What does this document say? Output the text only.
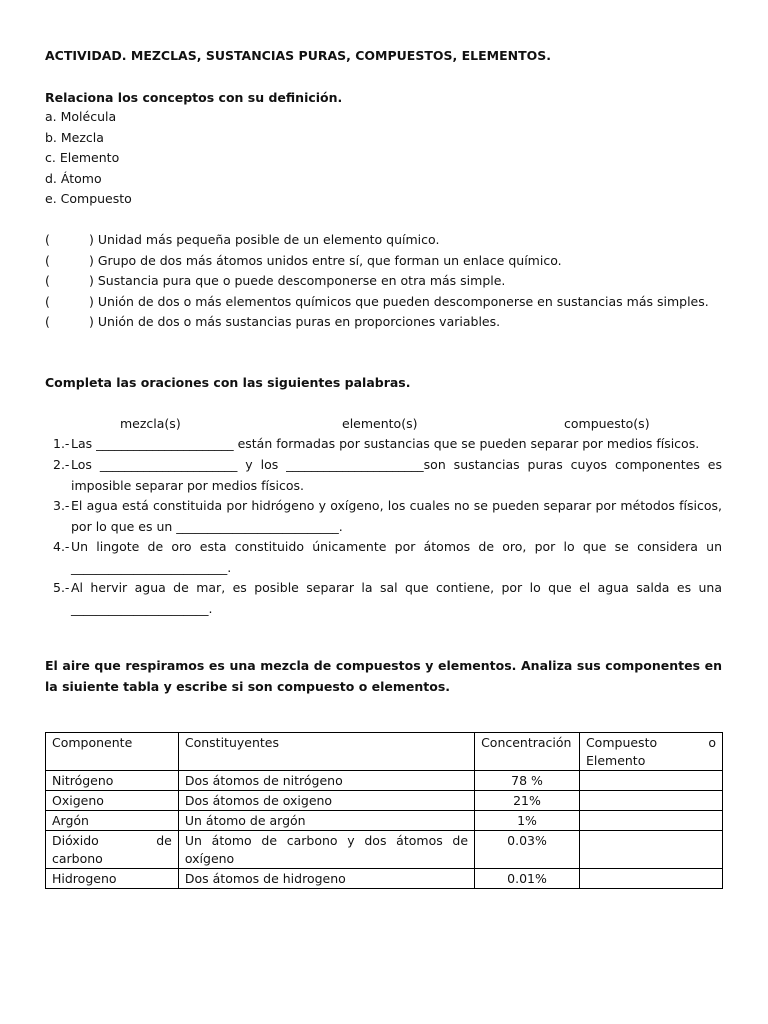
ACTIVIDAD. MEZCLAS, SUSTANCIAS PURAS, COMPUESTOS, ELEMENTOS.
Relaciona los conceptos con su definición.
a. Molécula
b. Mezcla
c. Elemento
d. Átomo
e. Compuesto
(	) Unidad más pequeña posible de un elemento químico.
(	) Grupo de dos más átomos unidos entre sí, que forman un enlace químico.
(	) Sustancia pura que o puede descomponerse en otra más simple.
(	) Unión de dos o más elementos químicos que pueden descomponerse en sustancias más simples.
(	) Unión de dos o más sustancias puras en proporciones variables.
Completa las oraciones con las siguientes palabras.
mezcla(s)	elemento(s)	compuesto(s)
1.- Las ______________________ están formadas por sustancias que se pueden separar por medios físicos.
2.- Los ______________________ y los ______________________son sustancias puras cuyos componentes es imposible separar por medios físicos.
3.- El agua está constituida por hidrógeno y oxígeno, los cuales no se pueden separar por métodos físicos, por lo que es un __________________________.
4.- Un lingote de oro esta constituido únicamente por átomos de oro, por lo que se considera un _________________________.
5.- Al hervir agua de mar, es posible separar la sal que contiene, por lo que el agua salda es una ______________________.
El aire que respiramos es una mezcla de compuestos y elementos. Analiza sus componentes en la siuiente tabla y escribe si son compuesto o elementos.
Componente	Constituyentes	Concentración	Compuesto o
Elemento

Nitrógeno	Dos átomos de nitrógeno	78 %	
Oxigeno	Dos átomos de oxigeno	21%	
Argón	Un átomo de argón	1%	
Dióxido de carbono	Un átomo de carbono y dos átomos de oxígeno	0.03%	
Hidrogeno	Dos átomos de hidrogeno	0.01%	
